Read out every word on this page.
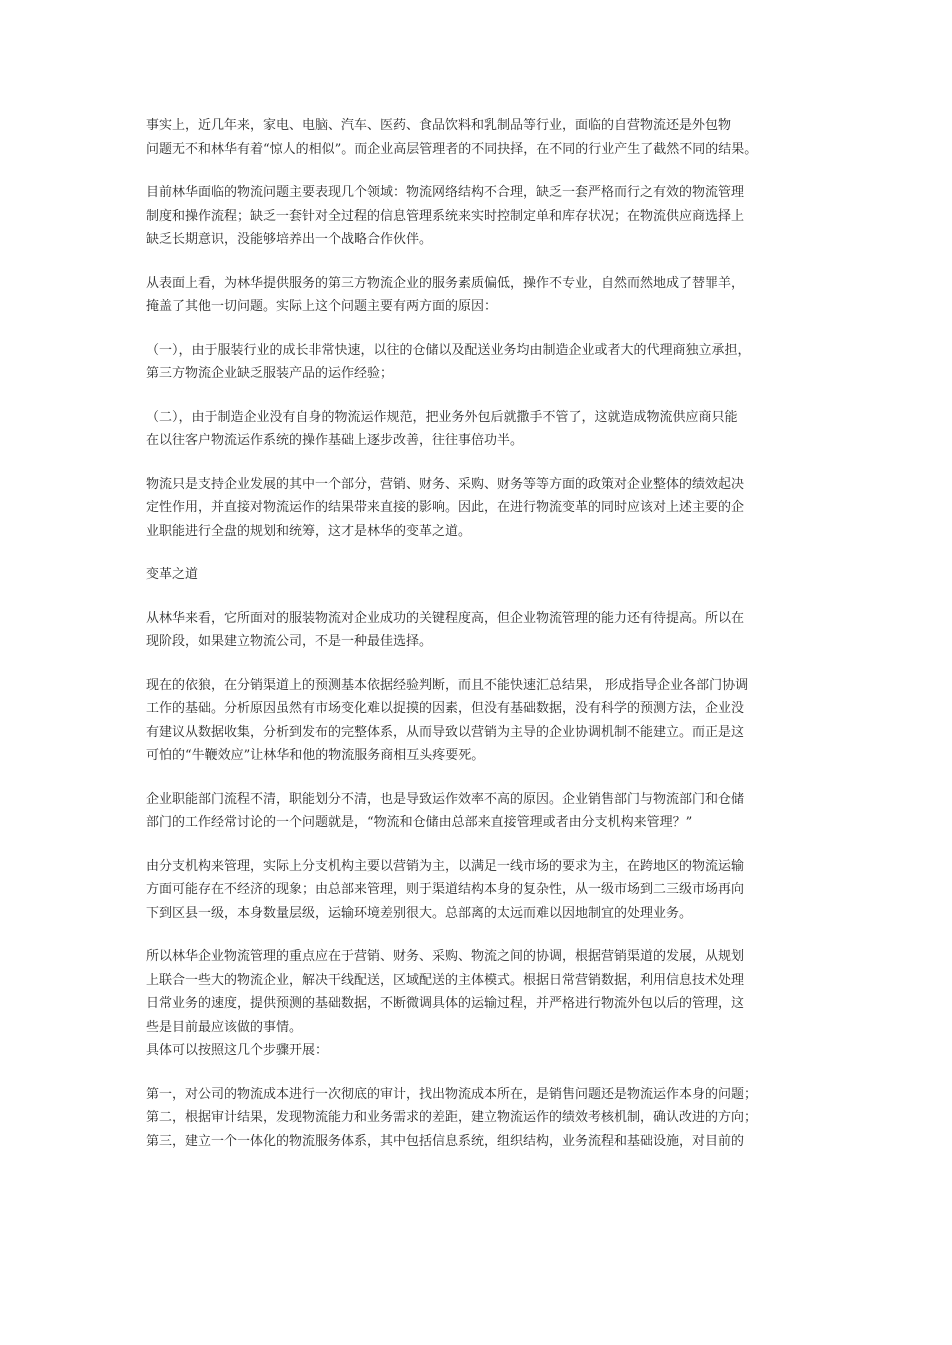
事实上，近几年来，家电、电脑、汽车、医药、食品饮料和乳制品等行业，面临的自营物流还是外包物
问题无不和林华有着“惊人的相似”。而企业高层管理者的不同抉择，在不同的行业产生了截然不同的结果。

目前林华面临的物流问题主要表现几个领域：物流网络结构不合理，缺乏一套严格而行之有效的物流管理
制度和操作流程；缺乏一套针对全过程的信息管理系统来实时控制定单和库存状况；在物流供应商选择上
缺乏长期意识，没能够培养出一个战略合作伙伴。

从表面上看，为林华提供服务的第三方物流企业的服务素质偏低，操作不专业，自然而然地成了替罪羊，
掩盖了其他一切问题。实际上这个问题主要有两方面的原因：

（一），由于服装行业的成长非常快速，以往的仓储以及配送业务均由制造企业或者大的代理商独立承担，
第三方物流企业缺乏服装产品的运作经验；

（二），由于制造企业没有自身的物流运作规范，把业务外包后就撒手不管了，这就造成物流供应商只能
在以往客户物流运作系统的操作基础上逐步改善，往往事倍功半。

物流只是支持企业发展的其中一个部分，营销、财务、采购、财务等等方面的政策对企业整体的绩效起决
定性作用，并直接对物流运作的结果带来直接的影响。因此，在进行物流变革的同时应该对上述主要的企
业职能进行全盘的规划和统筹，这才是林华的变革之道。

变革之道

从林华来看，它所面对的服装物流对企业成功的关键程度高，但企业物流管理的能力还有待提高。所以在
现阶段，如果建立物流公司，不是一种最佳选择。

现在的依狼，在分销渠道上的预测基本依据经验判断，而且不能快速汇总结果， 形成指导企业各部门协调
工作的基础。分析原因虽然有市场变化难以捉摸的因素，但没有基础数据，没有科学的预测方法，企业没
有建议从数据收集，分析到发布的完整体系，从而导致以营销为主导的企业协调机制不能建立。而正是这
可怕的“牛鞭效应”让林华和他的物流服务商相互头疼要死。

企业职能部门流程不清，职能划分不清，也是导致运作效率不高的原因。企业销售部门与物流部门和仓储
部门的工作经常讨论的一个问题就是，“物流和仓储由总部来直接管理或者由分支机构来管理？”

由分支机构来管理，实际上分支机构主要以营销为主，以满足一线市场的要求为主，在跨地区的物流运输
方面可能存在不经济的现象；由总部来管理，则于渠道结构本身的复杂性，从一级市场到二三级市场再向
下到区县一级，本身数量层级，运输环境差别很大。总部离的太远而难以因地制宜的处理业务。

所以林华企业物流管理的重点应在于营销、财务、采购、物流之间的协调，根据营销渠道的发展，从规划
上联合一些大的物流企业，解决干线配送，区域配送的主体模式。根据日常营销数据，利用信息技术处理
日常业务的速度，提供预测的基础数据，不断微调具体的运输过程，并严格进行物流外包以后的管理，这
些是目前最应该做的事情。
具体可以按照这几个步骤开展：

第一，对公司的物流成本进行一次彻底的审计，找出物流成本所在，是销售问题还是物流运作本身的问题；
第二，根据审计结果，发现物流能力和业务需求的差距，建立物流运作的绩效考核机制，确认改进的方向；
第三，建立一个一体化的物流服务体系，其中包括信息系统，组织结构，业务流程和基础设施，对目前的
